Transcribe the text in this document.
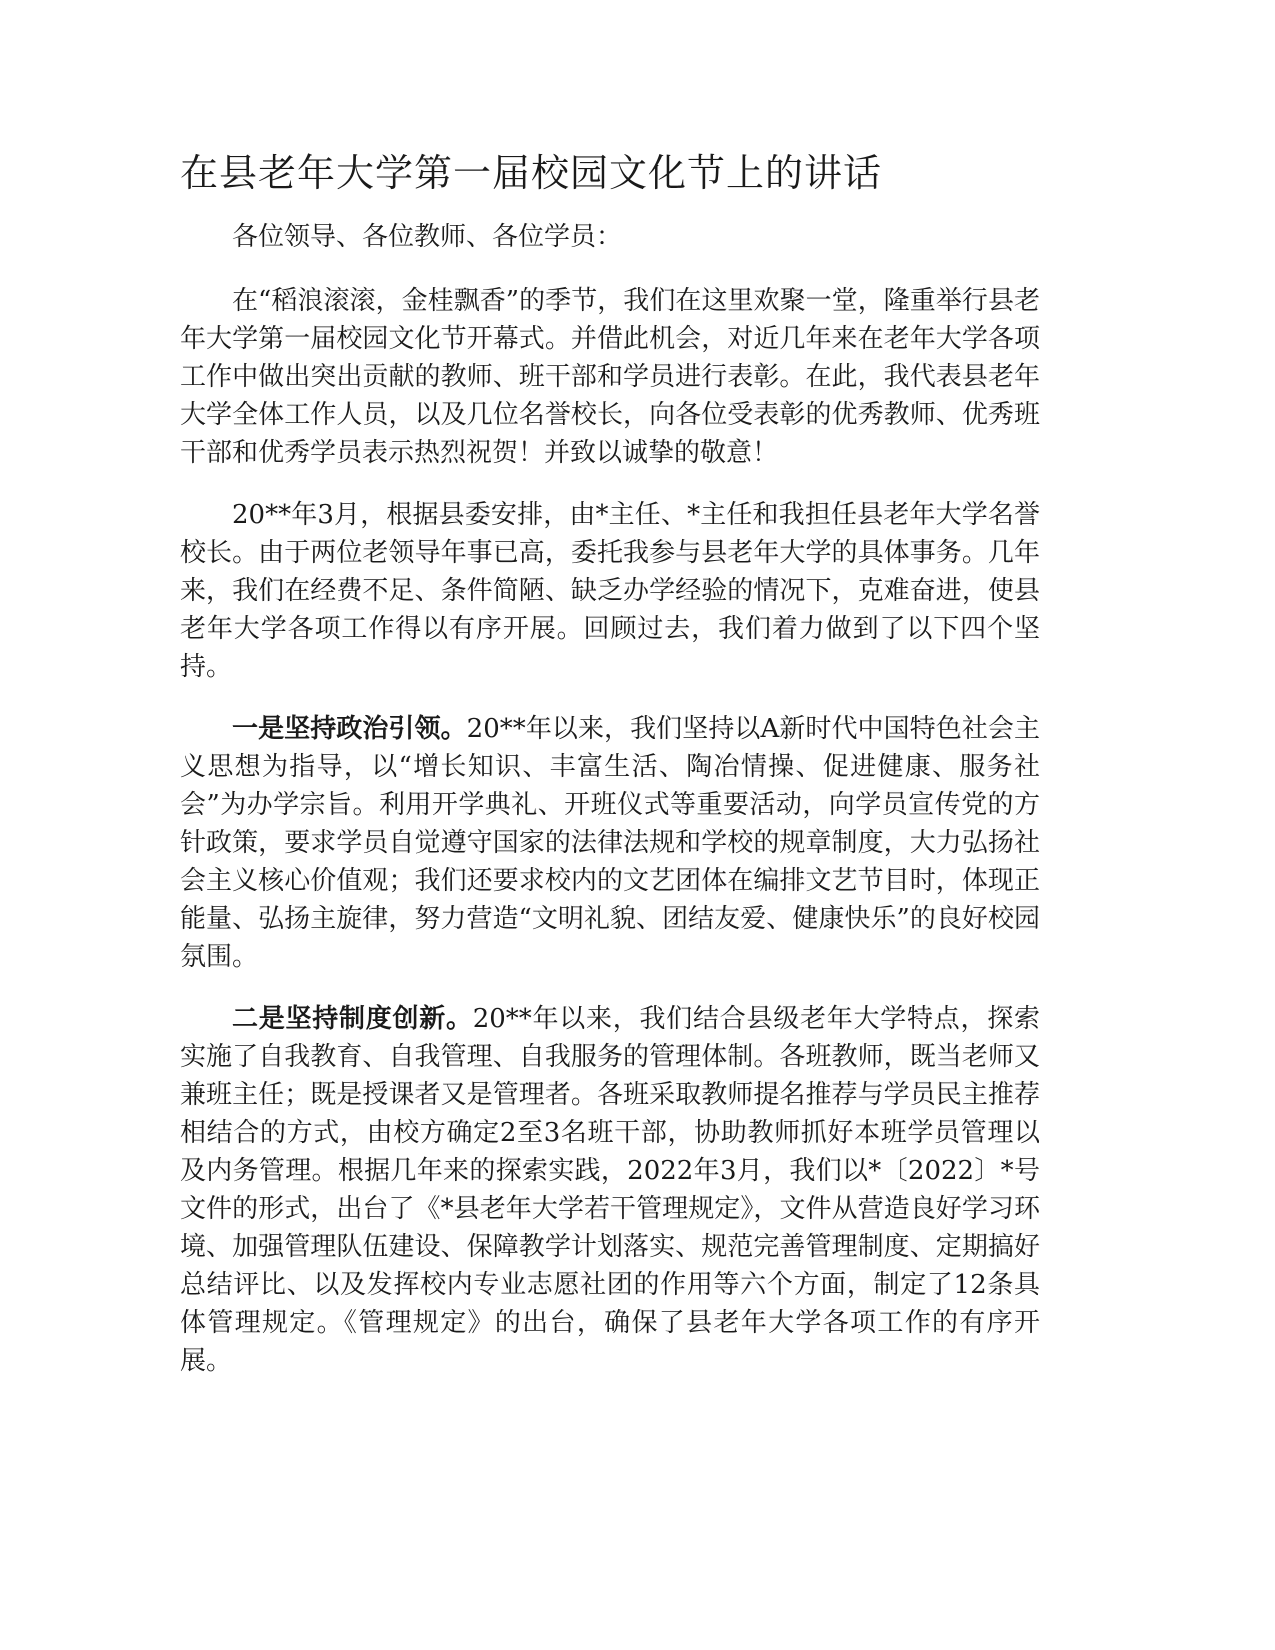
在县老年大学第一届校园文化节上的讲话

各位领导、各位教师、各位学员：

在“稻浪滚滚，金桂飘香”的季节，我们在这里欢聚一堂，隆重举行县老年大学第一届校园文化节开幕式。并借此机会，对近几年来在老年大学各项工作中做出突出贡献的教师、班干部和学员进行表彰。在此，我代表县老年大学全体工作人员，以及几位名誉校长，向各位受表彰的优秀教师、优秀班干部和优秀学员表示热烈祝贺！并致以诚挚的敬意！

20**年3月，根据县委安排，由*主任、*主任和我担任县老年大学名誉校长。由于两位老领导年事已高，委托我参与县老年大学的具体事务。几年来，我们在经费不足、条件简陋、缺乏办学经验的情况下，克难奋进，使县老年大学各项工作得以有序开展。回顾过去，我们着力做到了以下四个坚持。

一是坚持政治引领。20**年以来，我们坚持以A新时代中国特色社会主义思想为指导，以“增长知识、丰富生活、陶冶情操、促进健康、服务社会”为办学宗旨。利用开学典礼、开班仪式等重要活动，向学员宣传党的方针政策，要求学员自觉遵守国家的法律法规和学校的规章制度，大力弘扬社会主义核心价值观；我们还要求校内的文艺团体在编排文艺节目时，体现正能量、弘扬主旋律，努力营造“文明礼貌、团结友爱、健康快乐”的良好校园氛围。

二是坚持制度创新。20**年以来，我们结合县级老年大学特点，探索实施了自我教育、自我管理、自我服务的管理体制。各班教师，既当老师又兼班主任；既是授课者又是管理者。各班采取教师提名推荐与学员民主推荐相结合的方式，由校方确定2至3名班干部，协助教师抓好本班学员管理以及内务管理。根据几年来的探索实践，2022年3月，我们以*〔2022〕*号文件的形式，出台了《*县老年大学若干管理规定》，文件从营造良好学习环境、加强管理队伍建设、保障教学计划落实、规范完善管理制度、定期搞好总结评比、以及发挥校内专业志愿社团的作用等六个方面，制定了12条具体管理规定。《管理规定》的出台，确保了县老年大学各项工作的有序开展。
